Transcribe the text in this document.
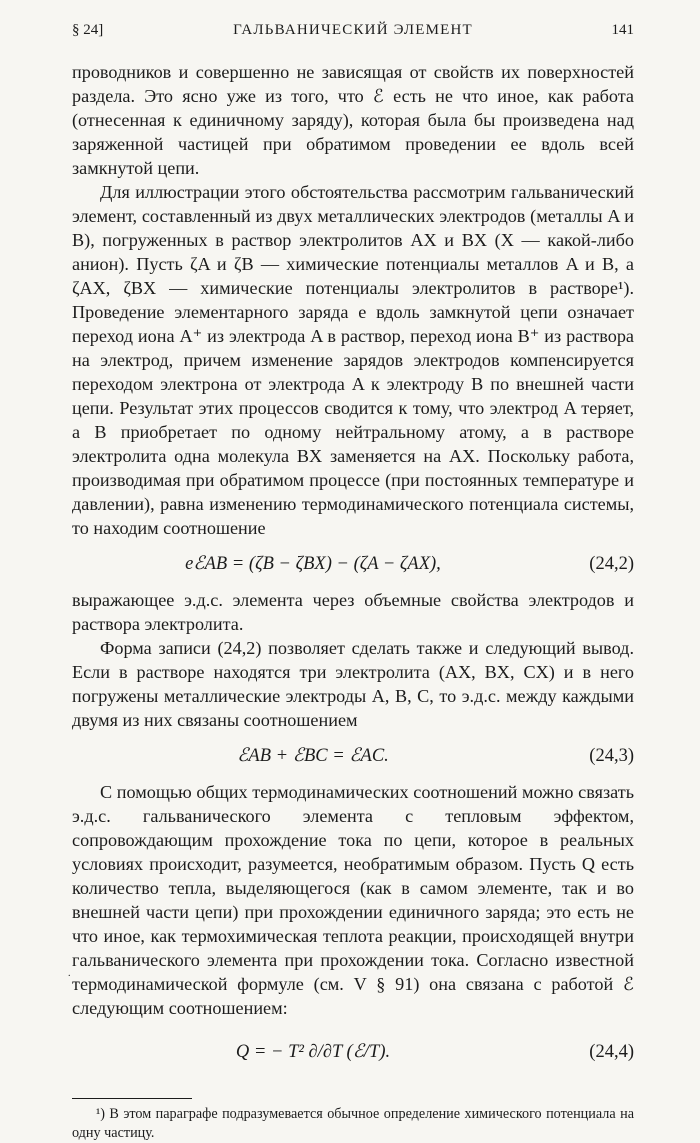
§ 24]	ГАЛЬВАНИЧЕСКИЙ ЭЛЕМЕНТ	141

проводников и совершенно не зависящая от свойств их поверхностей раздела. Это ясно уже из того, что ℰ есть не что иное, как работа (отнесенная к единичному заряду), которая была бы произведена над заряженной частицей при обратимом проведении ее вдоль всей замкнутой цепи.

Для иллюстрации этого обстоятельства рассмотрим гальванический элемент, составленный из двух металлических электродов (металлы A и B), погруженных в раствор электролитов AX и BX (X — какой-либо анион). Пусть ζA и ζB — химические потенциалы металлов A и B, а ζAX, ζBX — химические потенциалы электролитов в растворе¹). Проведение элементарного заряда e вдоль замкнутой цепи означает переход иона A⁺ из электрода A в раствор, переход иона B⁺ из раствора на электрод, причем изменение зарядов электродов компенсируется переходом электрона от электрода A к электроду B по внешней части цепи. Результат этих процессов сводится к тому, что электрод A теряет, а B приобретает по одному нейтральному атому, а в растворе электролита одна молекула BX заменяется на AX. Поскольку работа, производимая при обратимом процессе (при постоянных температуре и давлении), равна изменению термодинамического потенциала системы, то находим соотношение

eℰAB = (ζB − ζBX) − (ζA − ζAX),	(24,2)

выражающее э.д.с. элемента через объемные свойства электродов и раствора электролита.

Форма записи (24,2) позволяет сделать также и следующий вывод. Если в растворе находятся три электролита (AX, BX, CX) и в него погружены металлические электроды A, B, C, то э.д.с. между каждыми двумя из них связаны соотношением

ℰAB + ℰBC = ℰAC.	(24,3)

С помощью общих термодинамических соотношений можно связать э.д.с. гальванического элемента с тепловым эффектом, сопровождающим прохождение тока по цепи, которое в реальных условиях происходит, разумеется, необратимым образом. Пусть Q есть количество тепла, выделяющегося (как в самом элементе, так и во внешней части цепи) при прохождении единичного заряда; это есть не что иное, как термохимическая теплота реакции, происходящей внутри гальванического элемента при прохождении тока. Согласно известной термодинамической формуле (см. V § 91) она связана с работой ℰ следующим соотношением:

Q = − T² ∂/∂T (ℰ/T).	(24,4)
¹) В этом параграфе подразумевается обычное определение химического потенциала на одну частицу.
.
